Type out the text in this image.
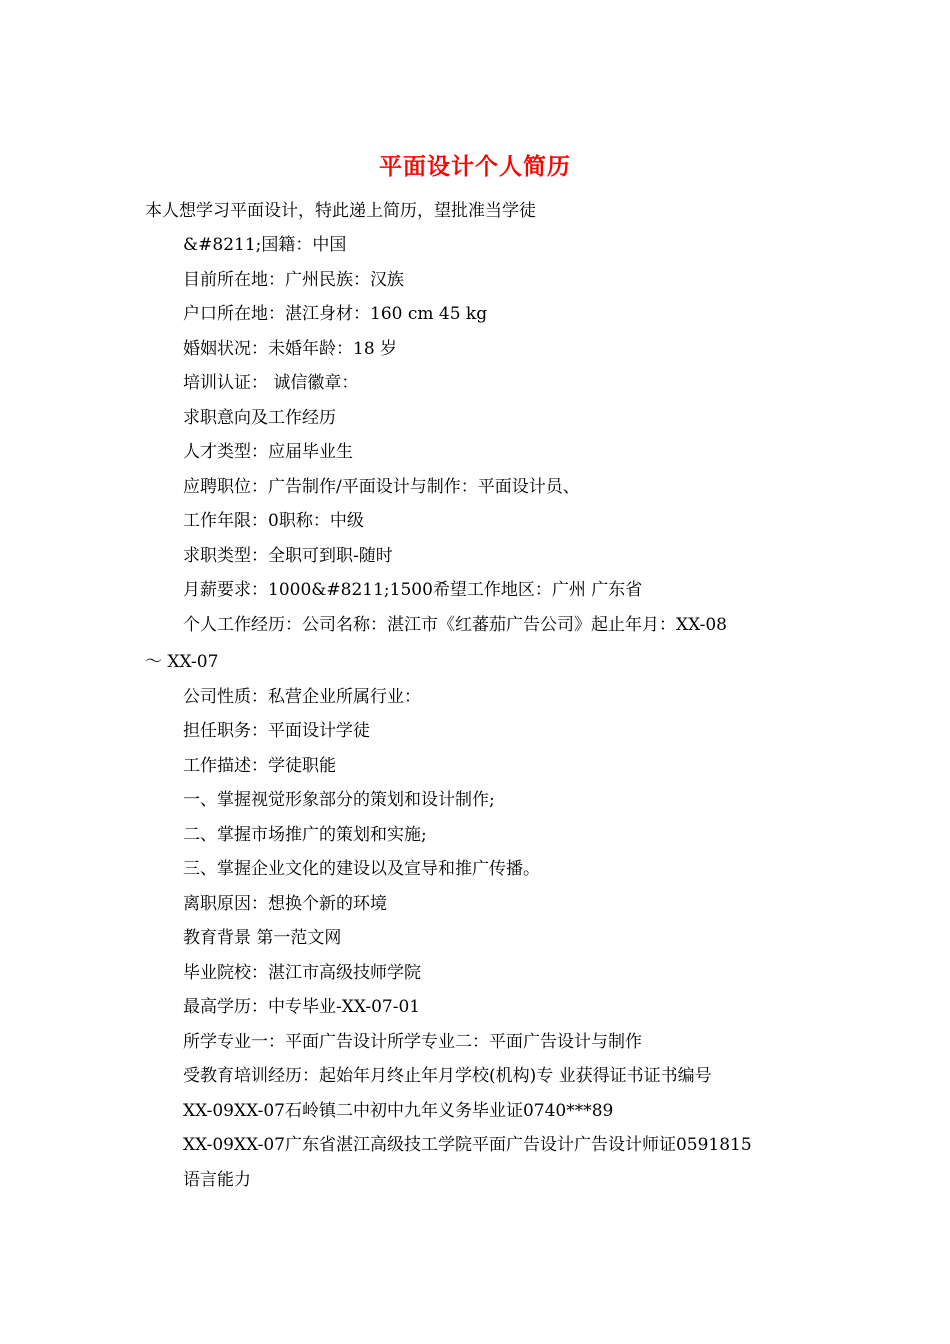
平面设计个人简历
本人想学习平面设计，特此递上简历，望批准当学徒
&#8211;国籍：中国
目前所在地：广州民族：汉族
户口所在地：湛江身材：160 cm 45 kg
婚姻状况：未婚年龄：18 岁
培训认证： 诚信徽章：
求职意向及工作经历
人才类型：应届毕业生
应聘职位：广告制作/平面设计与制作：平面设计员、
工作年限：0职称：中级
求职类型：全职可到职-随时
月薪要求：1000&#8211;1500希望工作地区：广州 广东省
个人工作经历：公司名称：湛江市《红蕃茄广告公司》起止年月：XX-08
～ XX-07
公司性质：私营企业所属行业：
担任职务：平面设计学徒
工作描述：学徒职能
一、掌握视觉形象部分的策划和设计制作;
二、掌握市场推广的策划和实施;
三、掌握企业文化的建设以及宣导和推广传播。
离职原因：想换个新的环境
教育背景 第一范文网
毕业院校：湛江市高级技师学院
最高学历：中专毕业-XX-07-01
所学专业一：平面广告设计所学专业二：平面广告设计与制作
受教育培训经历：起始年月终止年月学校(机构)专 业获得证书证书编号
XX-09XX-07石岭镇二中初中九年义务毕业证0740***89
XX-09XX-07广东省湛江高级技工学院平面广告设计广告设计师证0591815
语言能力
